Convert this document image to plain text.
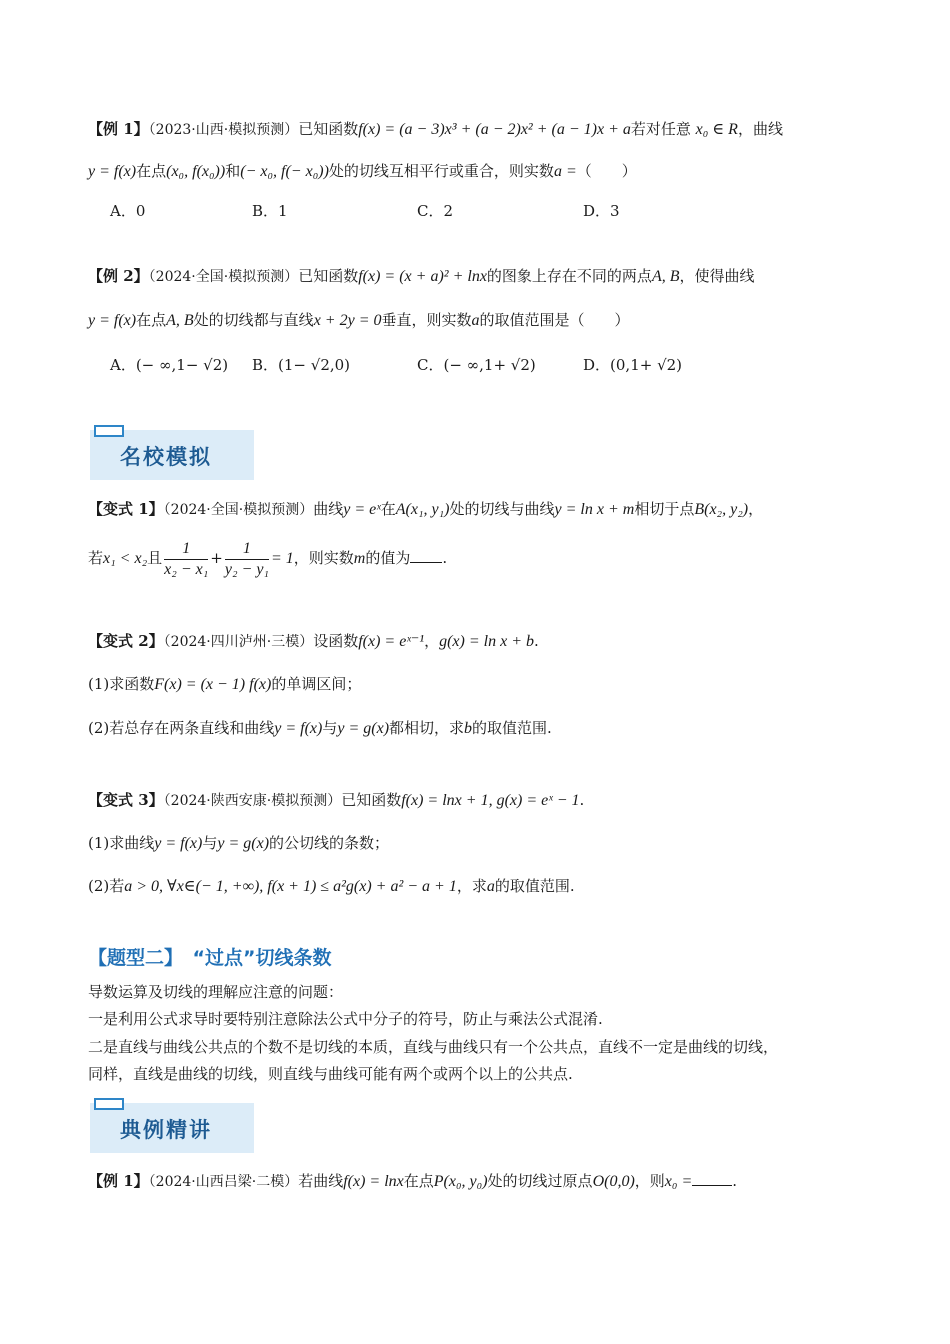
【例 1】（2023·山西·模拟预测）已知函数f(x) = (a − 3)x³ + (a − 2)x² + (a − 1)x + a若对任意 x₀ ∈ R，曲线
y = f(x)在点(x₀, f(x₀))和(− x₀, f(− x₀))处的切线互相平行或重合，则实数a =（　　）
A．0	B．1	C．2	D．3
【例 2】（2024·全国·模拟预测）已知函数f(x) = (x + a)² + lnx的图象上存在不同的两点A, B，使得曲线
y = f(x)在点A, B处的切线都与直线x + 2y = 0垂直，则实数a的取值范围是（　　）
A．(− ∞,1− √2) B．(1− √2,0)	C．(− ∞,1+ √2)	D．(0,1+ √2)
名校模拟
【变式 1】（2024·全国·模拟预测）曲线y = eˣ在A(x₁, y₁)处的切线与曲线y = ln x + m相切于点B(x₂, y₂)，
若x₁ < x₂且 $\frac{1}{\text{x₂ − x₁}} + \frac{1}{\text{y₂ − y₁}} = 1$，则实数m的值为 .
【变式 2】（2024·四川泸州·三模）设函数f(x) = eˣ⁻¹，g(x) = ln x + b.
(1)求函数F(x) = (x − 1) f(x)的单调区间；
(2)若总存在两条直线和曲线y = f(x)与y = g(x)都相切，求b的取值范围.
【变式 3】（2024·陕西安康·模拟预测）已知函数f(x) = lnx + 1, g(x) = eˣ − 1.
(1)求曲线y = f(x)与y = g(x)的公切线的条数；
(2)若a > 0, ∀x∈(− 1, +∞), f(x + 1) ≤ a²g(x) + a² − a + 1，求a的取值范围.
【题型二】　“过点”切线条数
导数运算及切线的理解应注意的问题：
一是利用公式求导时要特别注意除法公式中分子的符号，防止与乘法公式混淆.
二是直线与曲线公共点的个数不是切线的本质，直线与曲线只有一个公共点，直线不一定是曲线的切线，
同样，直线是曲线的切线，则直线与曲线可能有两个或两个以上的公共点.
典例精讲
【例 1】（2024·山西吕梁·二模）若曲线f(x) = lnx在点P(x₀, y₀)处的切线过原点O(0,0)，则x₀ =	.
